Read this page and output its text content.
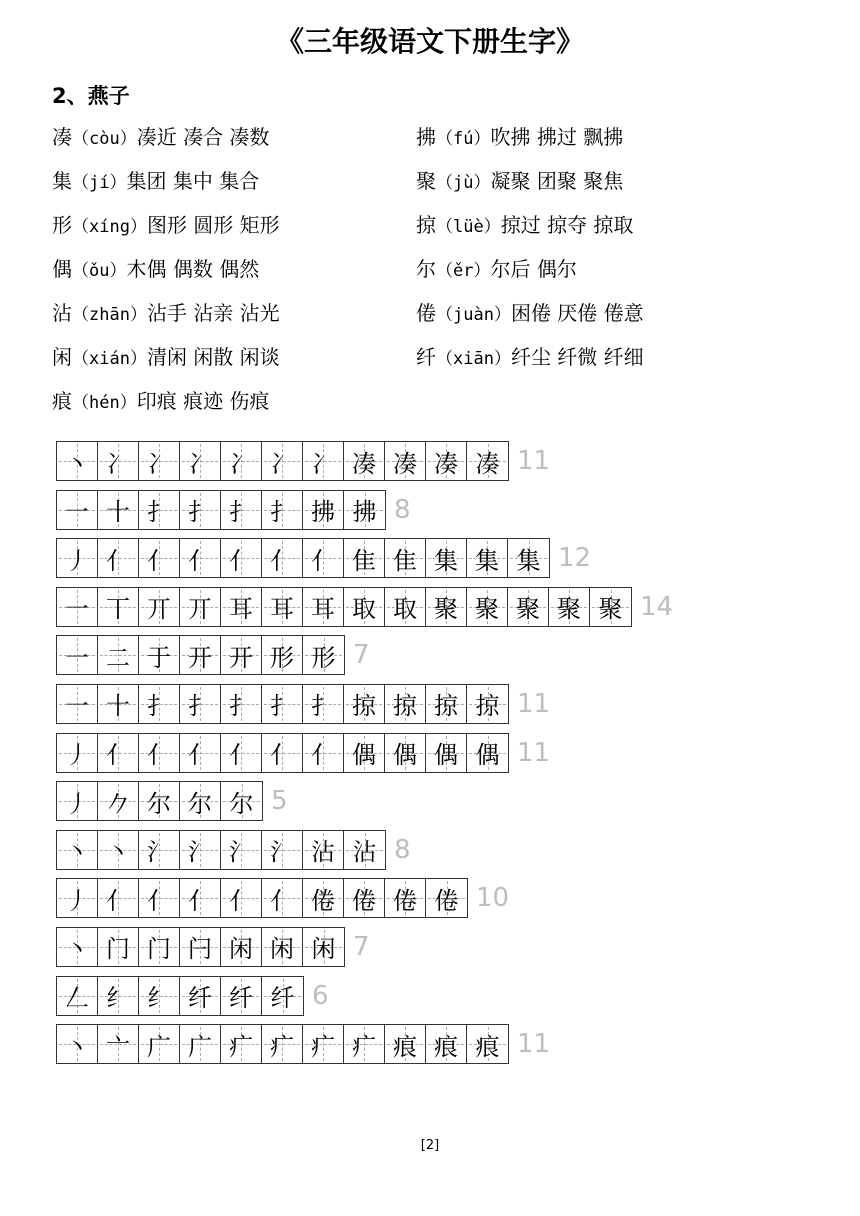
《三年级语文下册生字》
2、燕子
凑（còu）凑近 凑合 凑数
集（jí）集团 集中 集合
形（xíng）图形 圆形 矩形
偶（ǒu）木偶 偶数 偶然
沾（zhān）沾手 沾亲 沾光
闲（xián）清闲 闲散 闲谈
痕（hén）印痕 痕迹 伤痕
拂（fú）吹拂 拂过 飘拂
聚（jù）凝聚 团聚 聚焦
掠（lüè）掠过 掠夺 掠取
尔（ěr）尔后 偶尔
倦（juàn）困倦 厌倦 倦意
纤（xiān）纤尘 纤微 纤细
丶 冫 冫 冫 冫 冫 冫 凑 凑 凑 凑 11
一 十 扌 扌 扌 扌 拂 拂 8
丿 亻 亻 亻 亻 亻 亻 隹 隹 集 集 集 12
一 丅 丌 丌 耳 耳 耳 取 取 聚 聚 聚 聚 聚 14
一 二 于 开 开 形 形 7
一 十 扌 扌 扌 扌 扌 掠 掠 掠 掠 11
丿 亻 亻 亻 亻 亻 亻 偶 偶 偶 偶 11
丿 𠂊 尔 尔 尔 5
丶 丶 氵 氵 氵 氵 沾 沾 8
丿 亻 亻 亻 亻 亻 倦 倦 倦 倦 10
丶 门 门 闩 闲 闲 闲 7
𠃋 纟 纟 纤 纤 纤 6
丶 亠 广 广 疒 疒 疒 疒 痕 痕 痕 11
[2]
